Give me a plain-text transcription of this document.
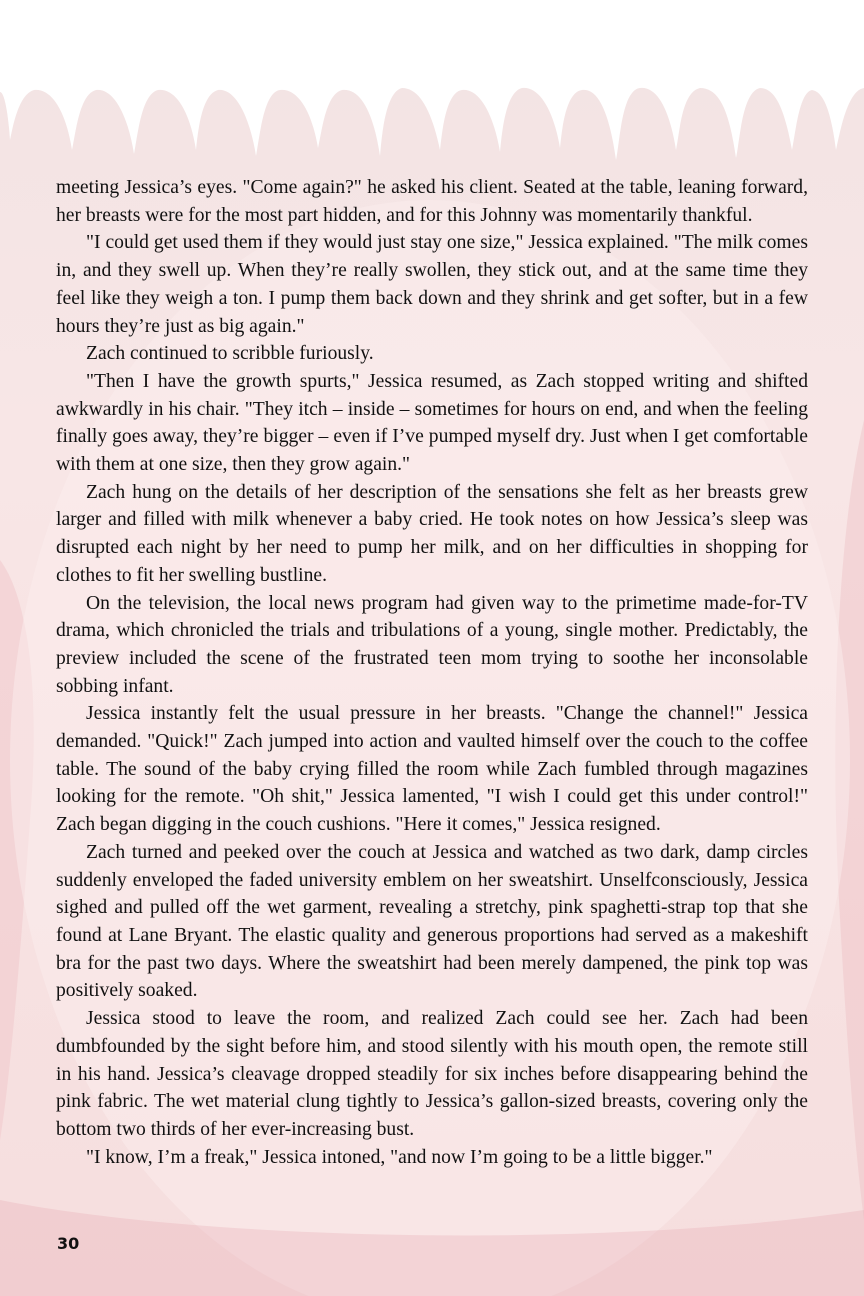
meeting Jessica’s eyes. "Come again?" he asked his client. Seated at the table, leaning forward, her breasts were for the most part hidden, and for this Johnny was momentarily thankful.

"I could get used them if they would just stay one size," Jessica explained. "The milk comes in, and they swell up. When they’re really swollen, they stick out, and at the same time they feel like they weigh a ton. I pump them back down and they shrink and get softer, but in a few hours they’re just as big again."

Zach continued to scribble furiously.

"Then I have the growth spurts," Jessica resumed, as Zach stopped writing and shifted awkwardly in his chair. "They itch – inside – sometimes for hours on end, and when the feeling finally goes away, they’re bigger – even if I’ve pumped myself dry. Just when I get comfortable with them at one size, then they grow again."

Zach hung on the details of her description of the sensations she felt as her breasts grew larger and filled with milk whenever a baby cried. He took notes on how Jessica’s sleep was disrupted each night by her need to pump her milk, and on her difficulties in shopping for clothes to fit her swelling bustline.

On the television, the local news program had given way to the primetime made-for-TV drama, which chronicled the trials and tribulations of a young, single mother. Predictably, the preview included the scene of the frustrated teen mom trying to soothe her inconsolable sobbing infant.

Jessica instantly felt the usual pressure in her breasts. "Change the channel!" Jessica demanded. "Quick!" Zach jumped into action and vaulted himself over the couch to the coffee table. The sound of the baby crying filled the room while Zach fumbled through magazines looking for the remote. "Oh shit," Jessica lamented, "I wish I could get this under control!" Zach began digging in the couch cushions. "Here it comes," Jessica resigned.

Zach turned and peeked over the couch at Jessica and watched as two dark, damp circles suddenly enveloped the faded university emblem on her sweatshirt. Unselfconsciously, Jessica sighed and pulled off the wet garment, revealing a stretchy, pink spaghetti-strap top that she found at Lane Bryant. The elastic quality and generous proportions had served as a makeshift bra for the past two days. Where the sweatshirt had been merely dampened, the pink top was positively soaked.

Jessica stood to leave the room, and realized Zach could see her. Zach had been dumbfounded by the sight before him, and stood silently with his mouth open, the remote still in his hand. Jessica’s cleavage dropped steadily for six inches before disappearing behind the pink fabric. The wet material clung tightly to Jessica’s gallon-sized breasts, covering only the bottom two thirds of her ever-increasing bust.

"I know, I’m a freak," Jessica intoned, "and now I’m going to be a little bigger."

30
